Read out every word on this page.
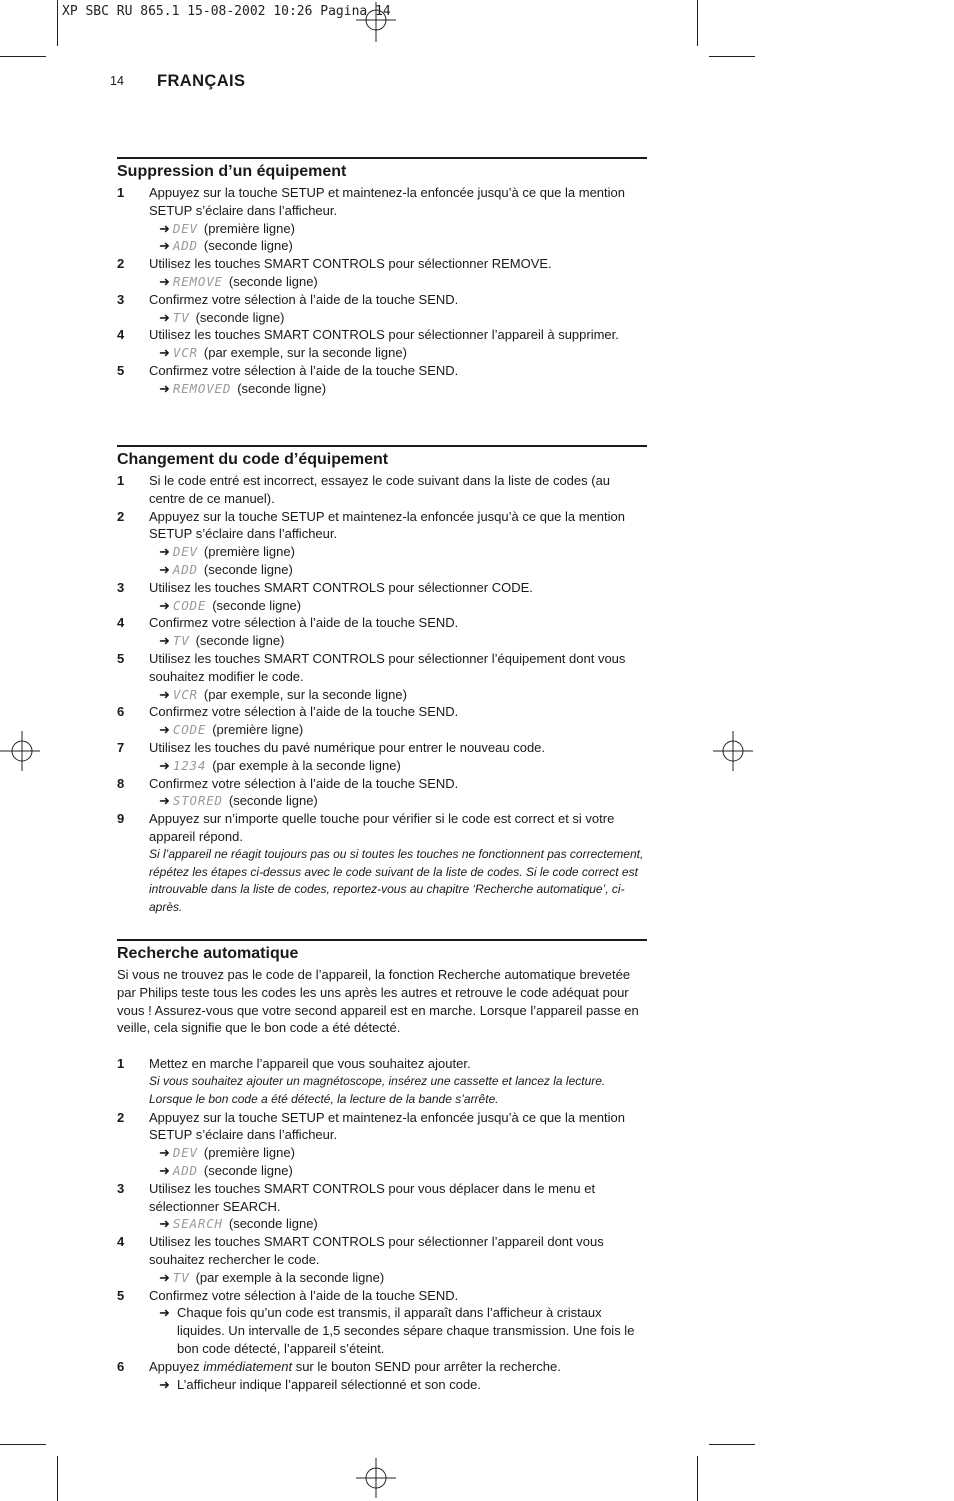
XP SBC RU 865.1 15-08-2002 10:26 Pagina 14
14 FRANÇAIS
Suppression d’un équipement
1 Appuyez sur la touche SETUP et maintenez-la enfoncée jusqu’à ce que la mention SETUP s’éclaire dans l’afficheur.
➜ DEV (première ligne)
➜ ADD (seconde ligne)
2 Utilisez les touches SMART CONTROLS pour sélectionner REMOVE.
➜ REMOVE (seconde ligne)
3 Confirmez votre sélection à l’aide de la touche SEND.
➜ TV (seconde ligne)
4 Utilisez les touches SMART CONTROLS pour sélectionner l’appareil à supprimer.
➜ VCR (par exemple, sur la seconde ligne)
5 Confirmez votre sélection à l’aide de la touche SEND.
➜ REMOVED (seconde ligne)
Changement du code d’équipement
1 Si le code entré est incorrect, essayez le code suivant dans la liste de codes (au centre de ce manuel).
2 Appuyez sur la touche SETUP et maintenez-la enfoncée jusqu’à ce que la mention SETUP s’éclaire dans l’afficheur.
➜ DEV (première ligne)
➜ ADD (seconde ligne)
3 Utilisez les touches SMART CONTROLS pour sélectionner CODE.
➜ CODE (seconde ligne)
4 Confirmez votre sélection à l’aide de la touche SEND.
➜ TV (seconde ligne)
5 Utilisez les touches SMART CONTROLS pour sélectionner l’équipement dont vous souhaitez modifier le code.
➜ VCR (par exemple, sur la seconde ligne)
6 Confirmez votre sélection à l’aide de la touche SEND.
➜ CODE (première ligne)
7 Utilisez les touches du pavé numérique pour entrer le nouveau code.
➜ 1234 (par exemple à la seconde ligne)
8 Confirmez votre sélection à l’aide de la touche SEND.
➜ STORED (seconde ligne)
9 Appuyez sur n’importe quelle touche pour vérifier si le code est correct et si votre appareil répond.
Si l’appareil ne réagit toujours pas ou si toutes les touches ne fonctionnent pas correctement, répétez les étapes ci-dessus avec le code suivant de la liste de codes. Si le code correct est introuvable dans la liste de codes, reportez-vous au chapitre ‘Recherche automatique’, ci-après.
Recherche automatique
Si vous ne trouvez pas le code de l’appareil, la fonction Recherche automatique brevetée par Philips teste tous les codes les uns après les autres et retrouve le code adéquat pour vous ! Assurez-vous que votre second appareil est en marche. Lorsque l’appareil passe en veille, cela signifie que le bon code a été détecté.
1 Mettez en marche l’appareil que vous souhaitez ajouter.
Si vous souhaitez ajouter un magnétoscope, insérez une cassette et lancez la lecture. Lorsque le bon code a été détecté, la lecture de la bande s’arrête.
2 Appuyez sur la touche SETUP et maintenez-la enfoncée jusqu’à ce que la mention SETUP s’éclaire dans l’afficheur.
➜ DEV (première ligne)
➜ ADD (seconde ligne)
3 Utilisez les touches SMART CONTROLS pour vous déplacer dans le menu et sélectionner SEARCH.
➜ SEARCH (seconde ligne)
4 Utilisez les touches SMART CONTROLS pour sélectionner l’appareil dont vous souhaitez rechercher le code.
➜ TV (par exemple à la seconde ligne)
5 Confirmez votre sélection à l’aide de la touche SEND.
➜ Chaque fois qu’un code est transmis, il apparaît dans l’afficheur à cristaux liquides. Un intervalle de 1,5 secondes sépare chaque transmission. Une fois le bon code détecté, l’appareil s’éteint.
6 Appuyez immédiatement sur le bouton SEND pour arrêter la recherche.
➜ L’afficheur indique l’appareil sélectionné et son code.
